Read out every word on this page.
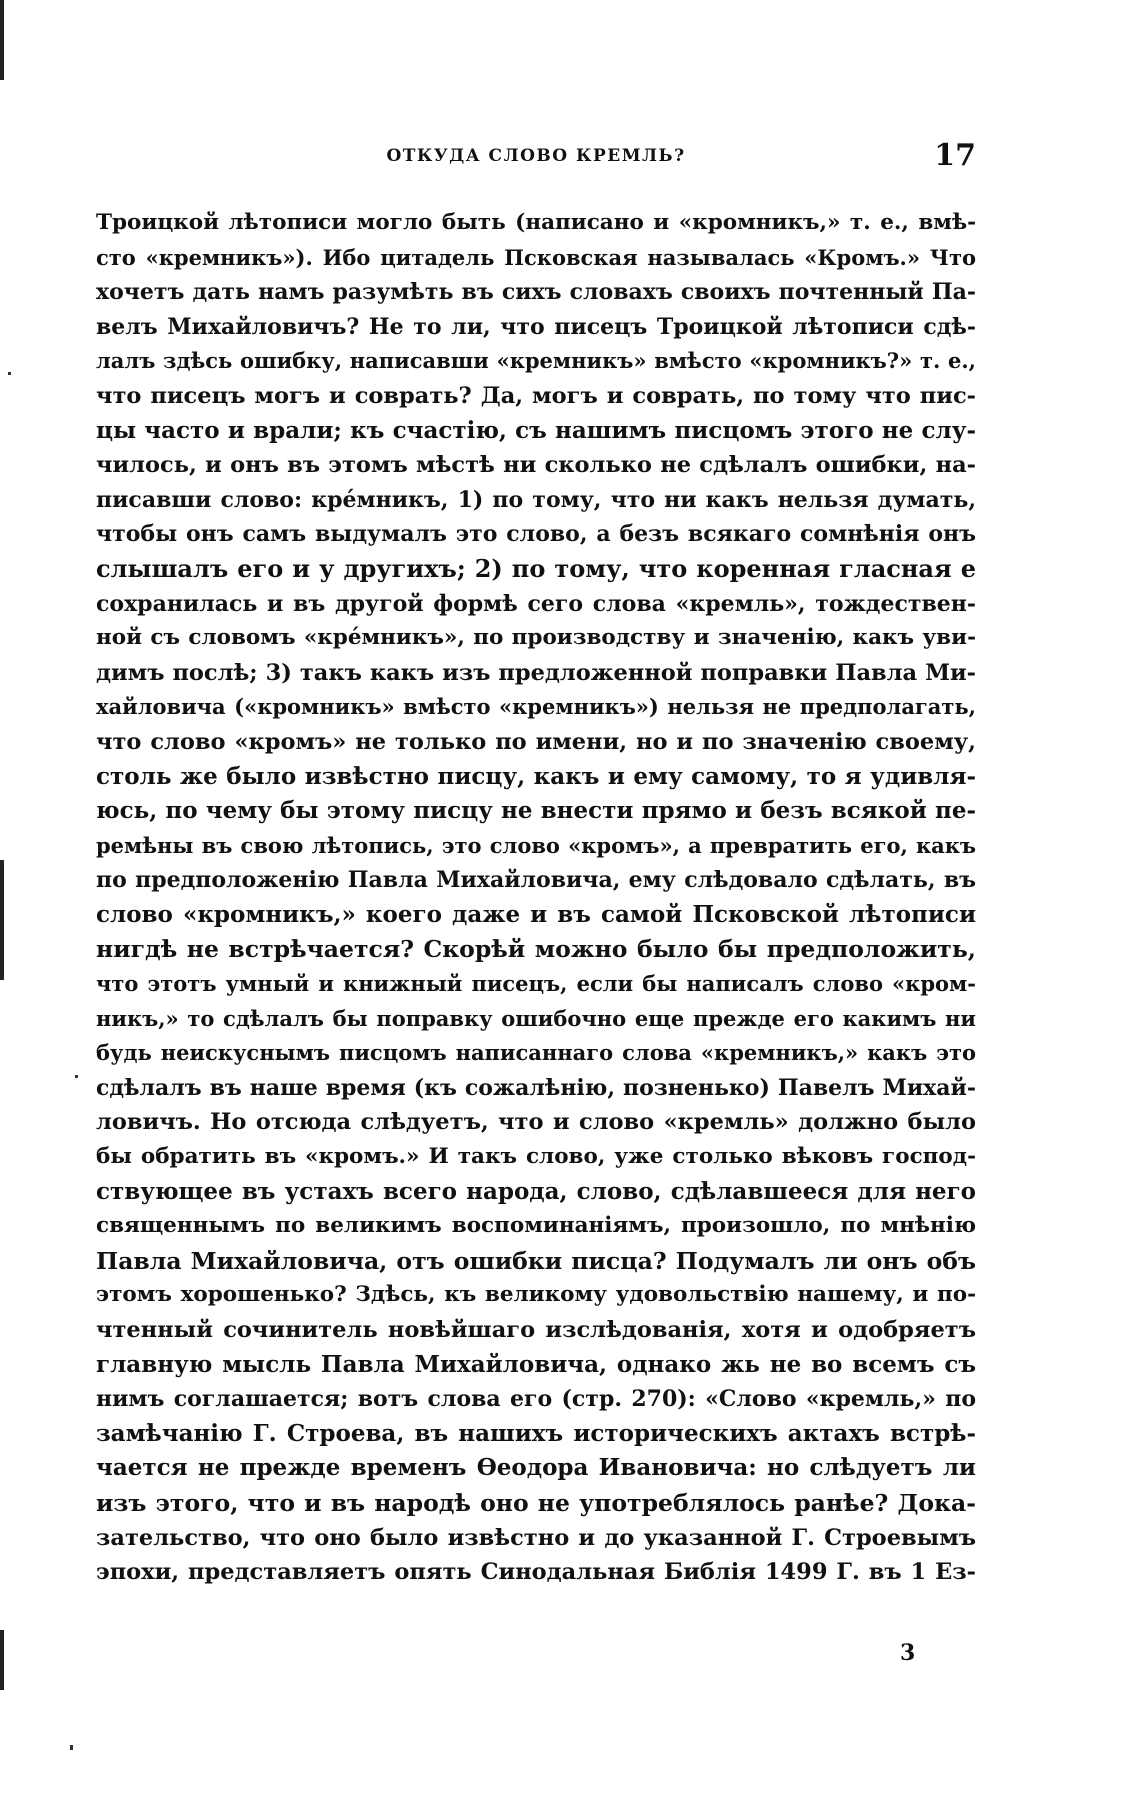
ОТКУДА СЛОВО КРЕМЛЬ?	17
Троицкой лѣтописи могло быть (написано и «кромникъ,» т. е., вмѣ-
сто «кремникъ»). Ибо цитадель Псковская называлась «Кромъ.» Что
хочетъ дать намъ разумѣть въ сихъ словахъ своихъ почтенный Па-
велъ Михайловичъ? Не то ли, что писецъ Троицкой лѣтописи сдѣ-
лалъ здѣсь ошибку, написавши «кремникъ» вмѣсто «кромникъ?» т. е.,
что писецъ могъ и соврать? Да, могъ и соврать, по тому что пис-
цы часто и врали; къ счастію, съ нашимъ писцомъ этого не слу-
чилось, и онъ въ этомъ мѣстѣ ни сколько не сдѣлалъ ошибки, на-
писавши слово: кре́мникъ, 1) по тому, что ни какъ нельзя думать,
чтобы онъ самъ выдумалъ это слово, а безъ всякаго сомнѣнія онъ
слышалъ его и у другихъ; 2) по тому, что коренная гласная е
сохранилась и въ другой формѣ сего слова «кремль», тождествен-
ной съ словомъ «кре́мникъ», по производству и значенію, какъ уви-
димъ послѣ; 3) такъ какъ изъ предложенной поправки Павла Ми-
хайловича («кромникъ» вмѣсто «кремникъ») нельзя не предполагать,
что слово «кромъ» не только по имени, но и по значенію своему,
столь же было извѣстно писцу, какъ и ему самому, то я удивля-
юсь, по чему бы этому писцу не внести прямо и безъ всякой пе-
ремѣны въ свою лѣтопись, это слово «кромъ», а превратить его, какъ
по предположенію Павла Михайловича, ему слѣдовало сдѣлать, въ
слово «кромникъ,» коего даже и въ самой Псковской лѣтописи
нигдѣ не встрѣчается? Скорѣй можно было бы предположить,
что этотъ умный и книжный писецъ, если бы написалъ слово «кром-
никъ,» то сдѣлалъ бы поправку ошибочно еще прежде его какимъ ни
будь неискуснымъ писцомъ написаннаго слова «кремникъ,» какъ это
сдѣлалъ въ наше время (къ сожалѣнію, позненько) Павелъ Михай-
ловичъ. Но отсюда слѣдуетъ, что и слово «кремль» должно было
бы обратить въ «кромъ.» И такъ слово, уже столько вѣковъ господ-
ствующее въ устахъ всего народа, слово, сдѣлавшееся для него
священнымъ по великимъ воспоминаніямъ, произошло, по мнѣнію
Павла Михайловича, отъ ошибки писца? Подумалъ ли онъ объ
этомъ хорошенько? Здѣсь, къ великому удовольствію нашему, и по-
чтенный сочинитель новѣйшаго изслѣдованія, хотя и одобряетъ
главную мысль Павла Михайловича, однако жь не во всемъ съ
нимъ соглашается; вотъ слова его (стр. 270): «Слово «кремль,» по
замѣчанію Г. Строева, въ нашихъ историческихъ актахъ встрѣ-
чается не прежде временъ Ѳеодора Ивановича: но слѣдуетъ ли
изъ этого, что и въ народѣ оно не употреблялось ранѣе? Дока-
зательство, что оно было извѣстно и до указанной Г. Строевымъ
эпохи, представляетъ опять Синодальная Библія 1499 Г. въ 1 Ез-
3
